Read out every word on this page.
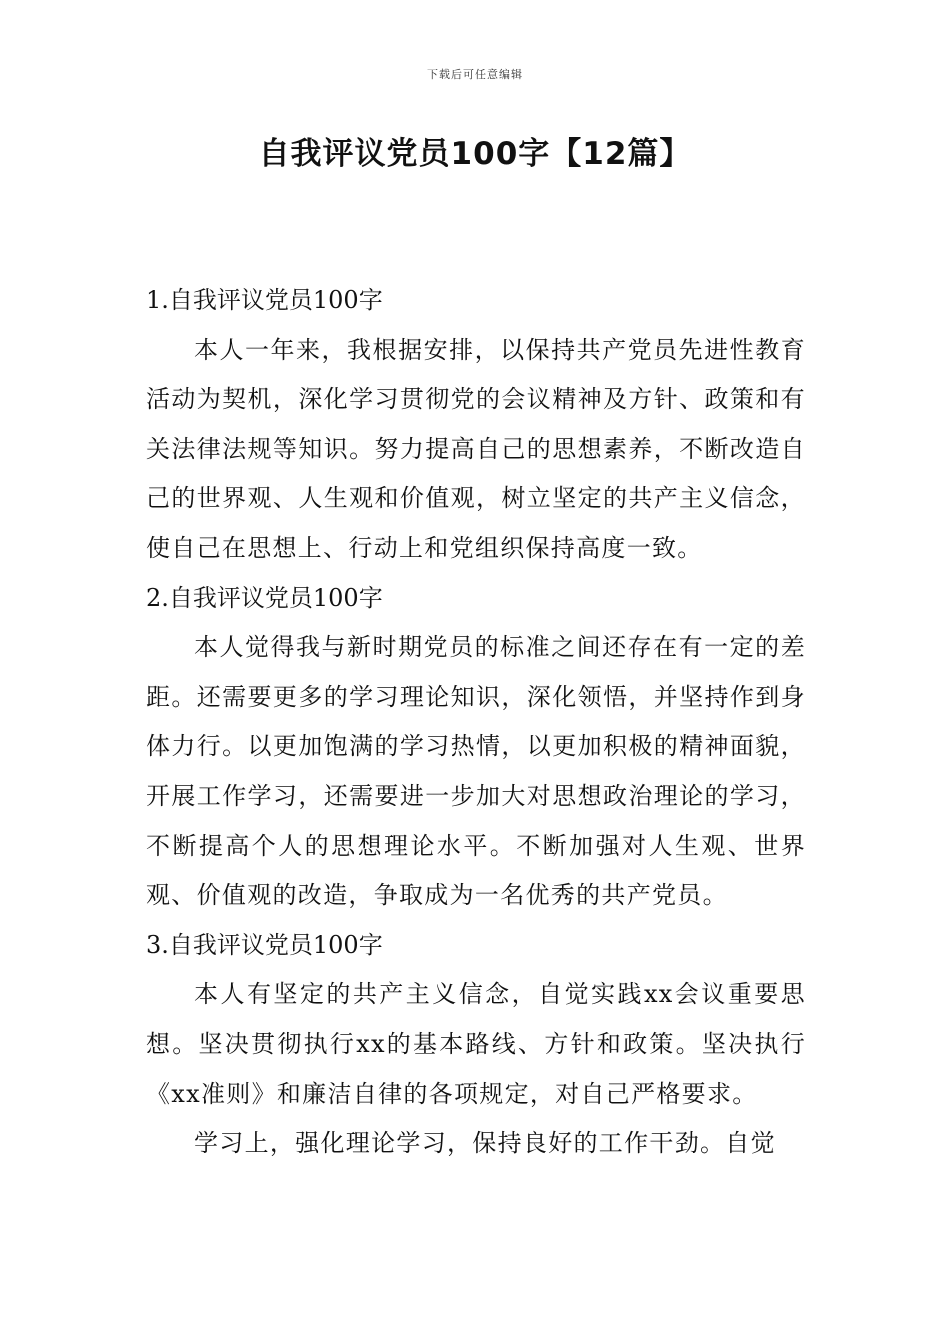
下载后可任意编辑
自我评议党员100字【12篇】
1.自我评议党员100字

本人一年来，我根据安排，以保持共产党员先进性教育活动为契机，深化学习贯彻党的会议精神及方针、政策和有关法律法规等知识。努力提高自己的思想素养，不断改造自己的世界观、人生观和价值观，树立坚定的共产主义信念，使自己在思想上、行动上和党组织保持高度一致。

2.自我评议党员100字

本人觉得我与新时期党员的标准之间还存在有一定的差距。还需要更多的学习理论知识，深化领悟，并坚持作到身体力行。以更加饱满的学习热情，以更加积极的精神面貌，开展工作学习，还需要进一步加大对思想政治理论的学习，不断提高个人的思想理论水平。不断加强对人生观、世界观、价值观的改造，争取成为一名优秀的共产党员。

3.自我评议党员100字

本人有坚定的共产主义信念，自觉实践xx会议重要思想。坚决贯彻执行xx的基本路线、方针和政策。坚决执行《xx准则》和廉洁自律的各项规定，对自己严格要求。

学习上，强化理论学习，保持良好的工作干劲。自觉
